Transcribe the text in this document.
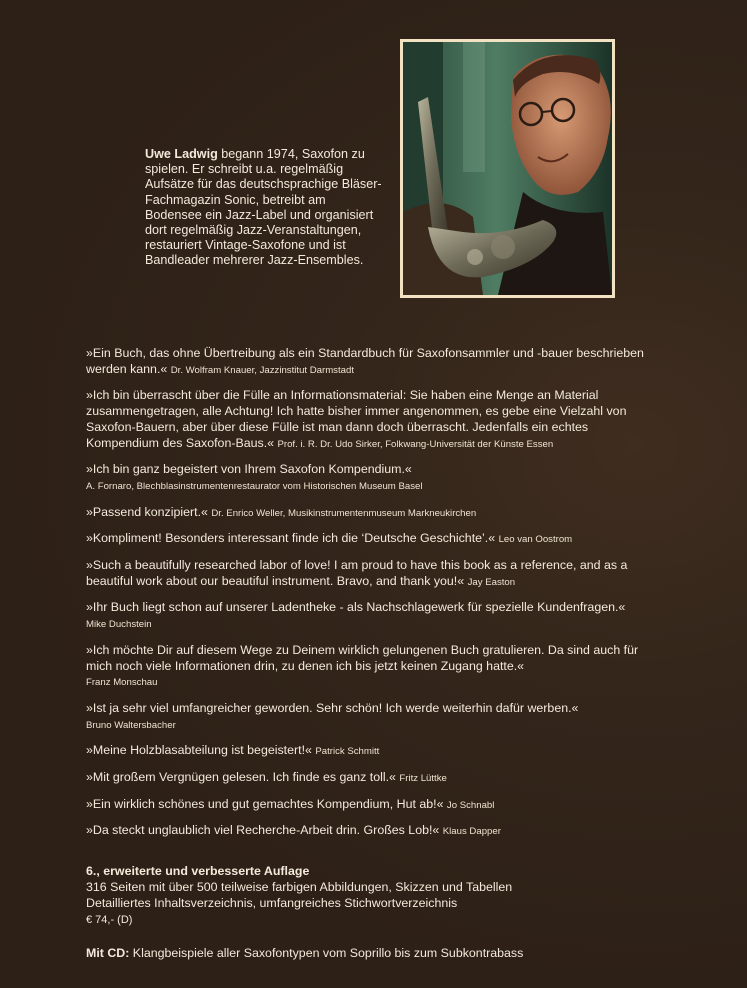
Uwe Ladwig begann 1974, Saxofon zu spielen. Er schreibt u.a. regelmäßig Aufsätze für das deutschsprachige Bläser-Fachmagazin Sonic, betreibt am Bodensee ein Jazz-Label und organisiert dort regelmäßig Jazz-Veranstaltungen, restauriert Vintage-Saxofone und ist Bandleader mehrerer Jazz-Ensembles.
»Ein Buch, das ohne Übertreibung als ein Standardbuch für Saxofonsammler und -bauer beschrieben werden kann.« Dr. Wolfram Knauer, Jazzinstitut Darmstadt
»Ich bin überrascht über die Fülle an Informationsmaterial: Sie haben eine Menge an Material zusammengetragen, alle Achtung! Ich hatte bisher immer angenommen, es gebe eine Vielzahl von Saxofon-Bauern, aber über diese Fülle ist man dann doch überrascht. Jedenfalls ein echtes Kompendium des Saxofon-Baus.« Prof. i. R. Dr. Udo Sirker, Folkwang-Universität der Künste Essen
»Ich bin ganz begeistert von Ihrem Saxofon Kompendium.«
A. Fornaro, Blechblasinstrumentenrestaurator vom Historischen Museum Basel
»Passend konzipiert.« Dr. Enrico Weller, Musikinstrumentenmuseum Markneukirchen
»Kompliment! Besonders interessant finde ich die ‘Deutsche Geschichte’.« Leo van Oostrom
»Such a beautifully researched labor of love! I am proud to have this book as a reference, and as a beautiful work about our beautiful instrument. Bravo, and thank you!« Jay Easton
»Ihr Buch liegt schon auf unserer Ladentheke - als Nachschlagewerk für spezielle Kundenfragen.« Mike Duchstein
»Ich möchte Dir auf diesem Wege zu Deinem wirklich gelungenen Buch gratulieren. Da sind auch für mich noch viele Informationen drin, zu denen ich bis jetzt keinen Zugang hatte.«
Franz Monschau
»Ist ja sehr viel umfangreicher geworden. Sehr schön! Ich werde weiterhin dafür werben.«
Bruno Waltersbacher
»Meine Holzblasabteilung ist begeistert!« Patrick Schmitt
»Mit großem Vergnügen gelesen. Ich finde es ganz toll.« Fritz Lüttke
»Ein wirklich schönes und gut gemachtes Kompendium, Hut ab!« Jo Schnabl
»Da steckt unglaublich viel Recherche-Arbeit drin. Großes Lob!« Klaus Dapper
6., erweiterte und verbesserte Auflage
316 Seiten mit über 500 teilweise farbigen Abbildungen, Skizzen und Tabellen
Detailliertes Inhaltsverzeichnis, umfangreiches Stichwortverzeichnis
€ 74,- (D)
Mit CD: Klangbeispiele aller Saxofontypen vom Soprillo bis zum Subkontrabass
